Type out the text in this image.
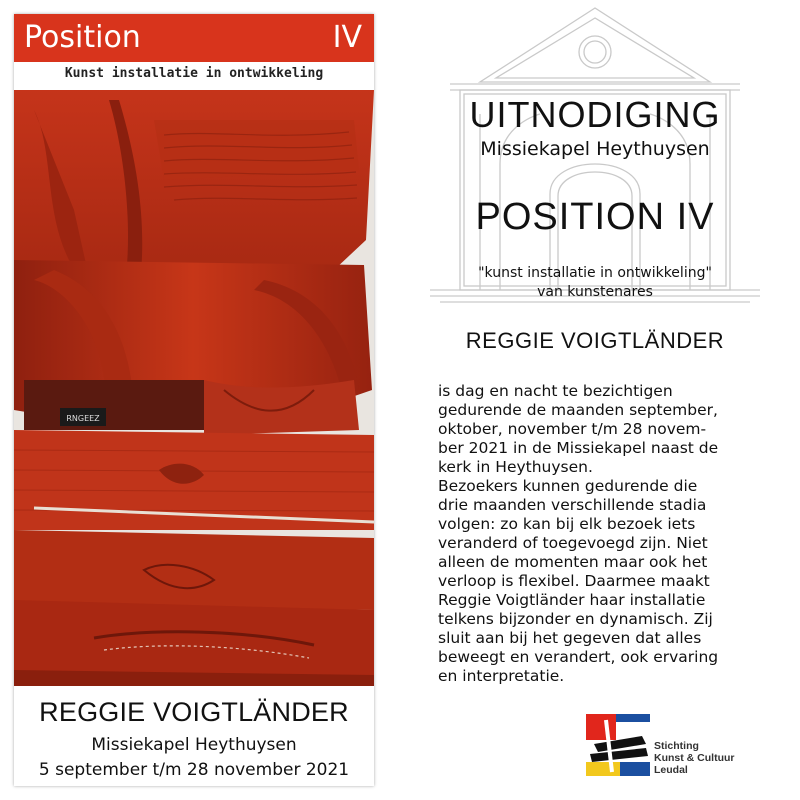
Position	IV
Kunst installatie in ontwikkeling
RNGEEZ
REGGIE VOIGTLÄNDER
Missiekapel Heythuysen
5 september t/m 28 november 2021
UITNODIGING
Missiekapel Heythuysen
POSITION IV
"kunst installatie in ontwikkeling"
van kunstenares
REGGIE VOIGTLÄNDER
is dag en nacht te bezichtigen
gedurende de maanden september,
oktober, november t/m 28 novem-
ber 2021 in de Missiekapel naast de
kerk in Heythuysen.
Bezoekers kunnen gedurende die
drie maanden verschillende stadia
volgen: zo kan bij elk bezoek iets
veranderd of toegevoegd zijn. Niet
alleen de momenten maar ook het
verloop is flexibel. Daarmee maakt
Reggie Voigtländer haar installatie
telkens bijzonder en dynamisch. Zij
sluit aan bij het gegeven dat alles
beweegt en verandert, ook ervaring
en interpretatie.
Stichting
Kunst & Cultuur
Leudal
